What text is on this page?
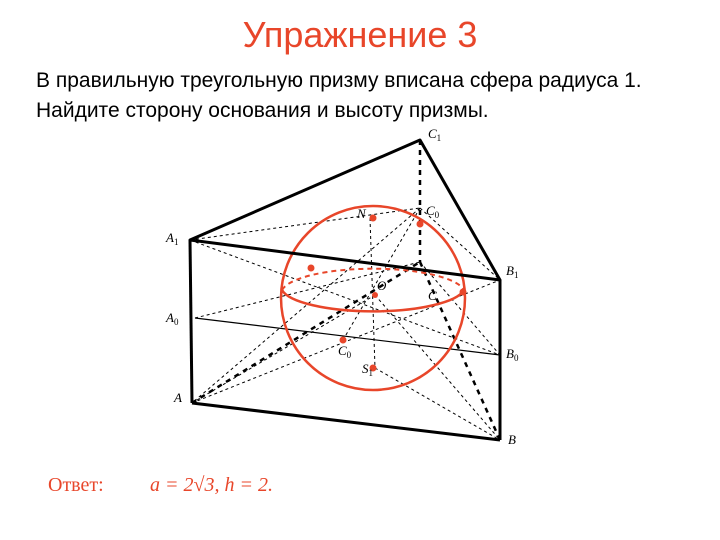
Упражнение 3
В правильную треугольную призму вписана сфера радиуса 1.
Найдите сторону основания и высоту призмы.
$C_1$
$A_1$
$B_1$
N	$C_0$
O
C
$A_0$
$C_0$	$B_0$
$S_1$
A
B
Ответ: a = 2√3, h = 2.
